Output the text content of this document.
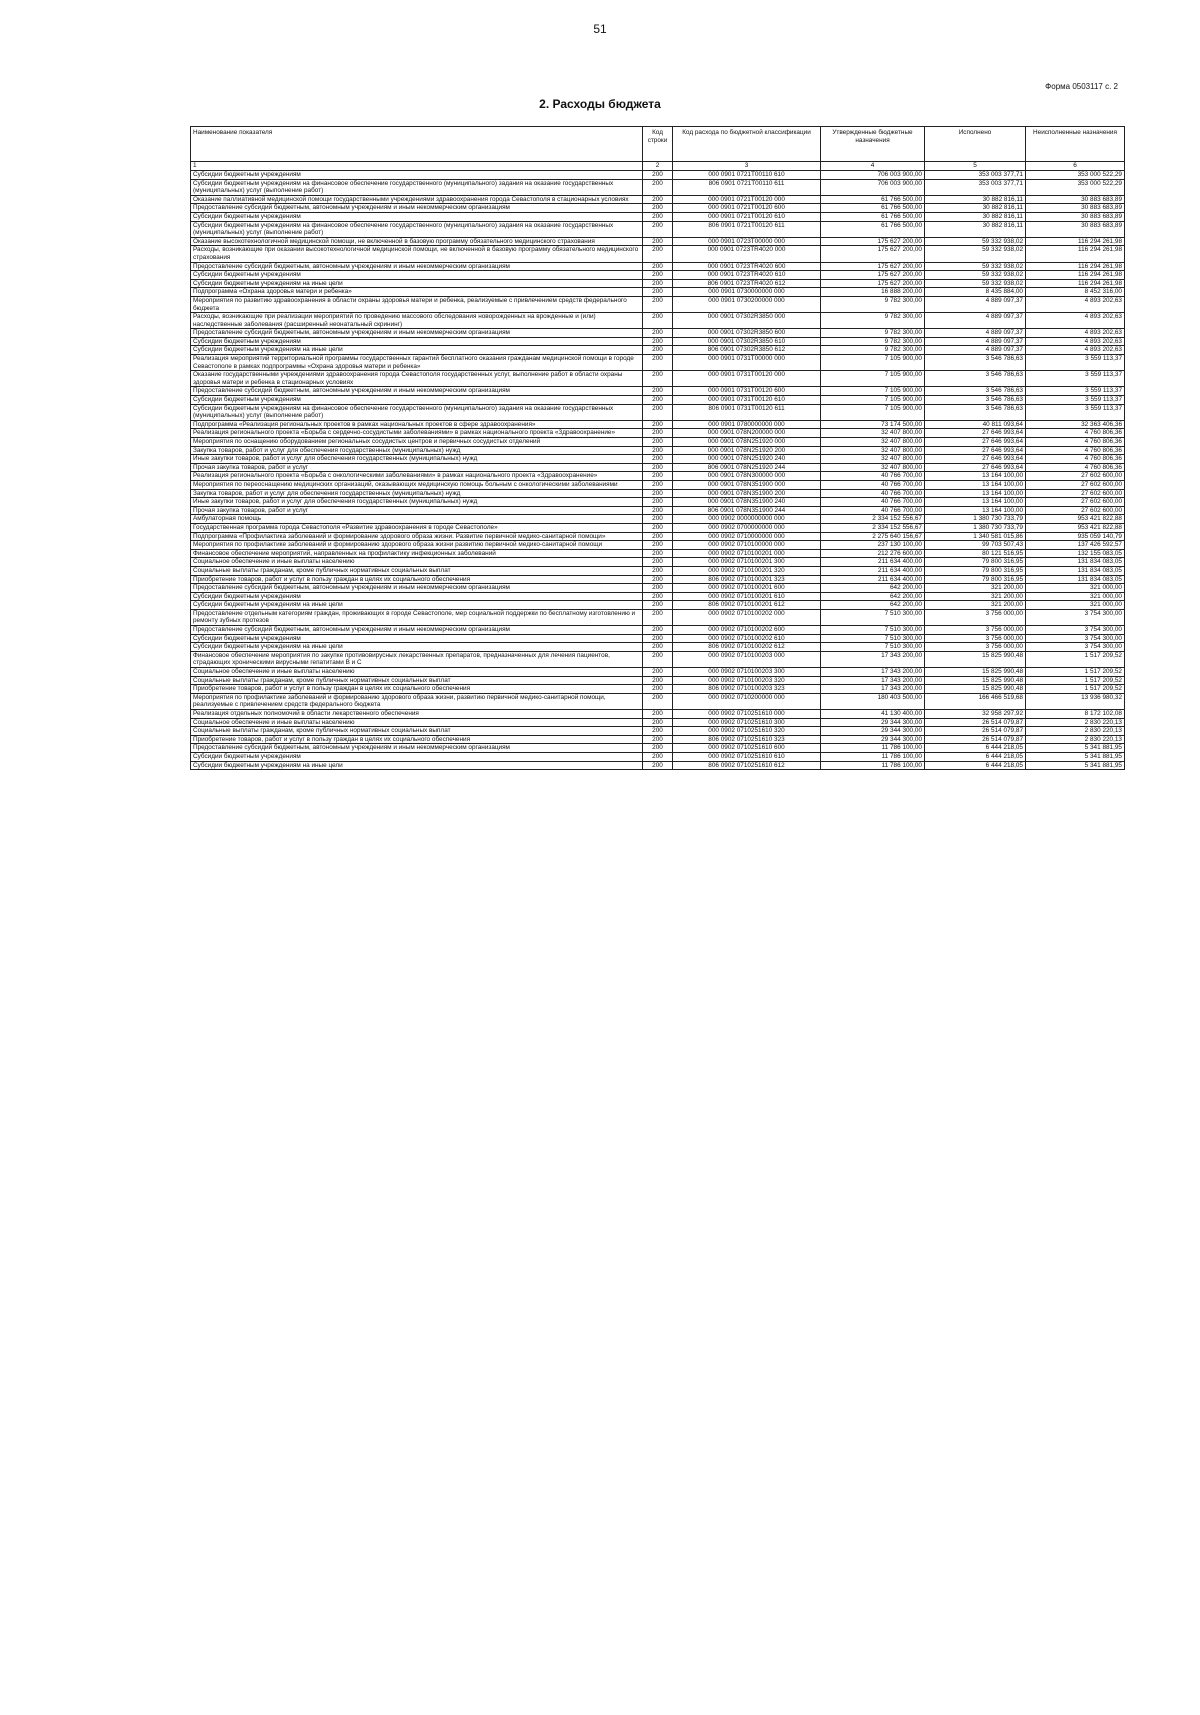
51
Форма 0503117 с. 2
2. Расходы бюджета
Наименование показателя	Код строки	Код расхода по бюджетной классификации	Утвержденные бюджетные назначения	Исполнено	Неисполненные назначения
1	2	3	4	5	6
Субсидии бюджетным учреждениям	200	000 0901 0721Т00110 610	706 003 900,00	353 003 377,71	353 000 522,29
Субсидии бюджетным учреждениям на финансовое обеспечение государственного (муниципального) задания на оказание государственных (муниципальных) услуг (выполнение работ)	200	806 0901 0721Т00110 611	706 003 900,00	353 003 377,71	353 000 522,29
Оказание паллиативной медицинской помощи государственными учреждениями здравоохранения города Севастополя в стационарных условиях	200	000 0901 0721Т00120 000	61 766 500,00	30 882 816,11	30 883 683,89
Предоставление субсидий бюджетным, автономным учреждениям и иным некоммерческим организациям	200	000 0901 0721Т00120 600	61 766 500,00	30 882 816,11	30 883 683,89
Субсидии бюджетным учреждениям	200	000 0901 0721Т00120 610	61 766 500,00	30 882 816,11	30 883 683,89
Субсидии бюджетным учреждениям на финансовое обеспечение государственного (муниципального) задания на оказание государственных (муниципальных) услуг (выполнение работ)	200	806 0901 0721Т00120 611	61 766 500,00	30 882 816,11	30 883 683,89
Оказание высокотехнологичной медицинской помощи, не включенной в базовую программу обязательного медицинского страхования	200	000 0901 0723Т00000 000	175 627 200,00	59 332 938,02	116 294 261,98
Расходы, возникающие при оказании высокотехнологичной медицинской помощи, не включенной в базовую программу обязательного медицинского страхования	200	000 0901 0723ТR4020 000	175 627 200,00	59 332 938,02	116 294 261,98
Предоставление субсидий бюджетным, автономным учреждениям и иным некоммерческим организациям	200	000 0901 0723ТR4020 600	175 627 200,00	59 332 938,02	116 294 261,98
Субсидии бюджетным учреждениям	200	000 0901 0723ТR4020 610	175 627 200,00	59 332 938,02	116 294 261,98
Субсидии бюджетным учреждениям на иные цели	200	806 0901 0723ТR4020 612	175 627 200,00	59 332 938,02	116 294 261,98
Подпрограмма «Охрана здоровья матери и ребенка»	200	000 0901 0730000000 000	16 888 200,00	8 435 884,00	8 452 316,00
Мероприятия по развитию здравоохранения в области охраны здоровья матери и ребенка, реализуемые с привлечением средств федерального бюджета	200	000 0901 0730200000 000	9 782 300,00	4 889 097,37	4 893 202,63
Расходы, возникающие при реализации мероприятий по проведению массового обследования новорожденных на врожденные и (или) наследственные заболевания (расширенный неонатальный скрининг)	200	000 0901 07302R3850 000	9 782 300,00	4 889 097,37	4 893 202,63
Предоставление субсидий бюджетным, автономным учреждениям и иным некоммерческим организациям	200	000 0901 07302R3850 600	9 782 300,00	4 889 097,37	4 893 202,63
Субсидии бюджетным учреждениям	200	000 0901 07302R3850 610	9 782 300,00	4 889 097,37	4 893 202,63
Субсидии бюджетным учреждениям на иные цели	200	806 0901 07302R3850 612	9 782 300,00	4 889 097,37	4 893 202,63
Реализация мероприятий территориальной программы государственных гарантий бесплатного оказания гражданам медицинской помощи в городе Севастополе в рамках подпрограммы «Охрана здоровья матери и ребенка»	200	000 0901 0731Т00000 000	7 105 900,00	3 546 786,63	3 559 113,37
Оказание государственными учреждениями здравоохранения города Севастополя государственных услуг, выполнение работ в области охраны здоровья матери и ребенка в стационарных условиях	200	000 0901 0731Т00120 000	7 105 900,00	3 546 786,63	3 559 113,37
Предоставление субсидий бюджетным, автономным учреждениям и иным некоммерческим организациям	200	000 0901 0731Т00120 600	7 105 900,00	3 546 786,63	3 559 113,37
Субсидии бюджетным учреждениям	200	000 0901 0731Т00120 610	7 105 900,00	3 546 786,63	3 559 113,37
Субсидии бюджетным учреждениям на финансовое обеспечение государственного (муниципального) задания на оказание государственных (муниципальных) услуг (выполнение работ)	200	806 0901 0731Т00120 611	7 105 900,00	3 546 786,63	3 559 113,37
Подпрограмма «Реализация региональных проектов в рамках национальных проектов в сфере здравоохранения»	200	000 0901 0780000000 000	73 174 500,00	40 811 093,64	32 363 406,36
Реализация регионального проекта «Борьба с сердечно-сосудистыми заболеваниями» в рамках национального проекта «Здравоохранение»	200	000 0901 078N200000 000	32 407 800,00	27 646 993,64	4 760 806,36
Мероприятия по оснащению оборудованием региональных сосудистых центров и первичных сосудистых отделений	200	000 0901 078N251920 000	32 407 800,00	27 646 993,64	4 760 806,36
Закупка товаров, работ и услуг для обеспечения государственных (муниципальных) нужд	200	000 0901 078N251920 200	32 407 800,00	27 646 993,64	4 760 806,36
Иные закупки товаров, работ и услуг для обеспечения государственных (муниципальных) нужд	200	000 0901 078N251920 240	32 407 800,00	27 646 993,64	4 760 806,36
Прочая закупка товаров, работ и услуг	200	806 0901 078N251920 244	32 407 800,00	27 646 993,64	4 760 806,36
Реализация регионального проекта «Борьба с онкологическими заболеваниями» в рамках национального проекта «Здравоохранение»	200	000 0901 078N300000 000	40 766 700,00	13 164 100,00	27 602 600,00
Мероприятия по переоснащению медицинских организаций, оказывающих медицинскую помощь больным с онкологическими заболеваниями	200	000 0901 078N351900 000	40 766 700,00	13 164 100,00	27 602 600,00
Закупка товаров, работ и услуг для обеспечения государственных (муниципальных) нужд	200	000 0901 078N351900 200	40 766 700,00	13 164 100,00	27 602 600,00
Иные закупки товаров, работ и услуг для обеспечения государственных (муниципальных) нужд	200	000 0901 078N351900 240	40 766 700,00	13 164 100,00	27 602 600,00
Прочая закупка товаров, работ и услуг	200	806 0901 078N351900 244	40 766 700,00	13 164 100,00	27 602 600,00
Амбулаторная помощь	200	000 0902 0000000000 000	2 334 152 556,67	1 380 730 733,79	953 421 822,88
Государственная программа города Севастополя «Развитие здравоохранения в городе Севастополе»	200	000 0902 0700000000 000	2 334 152 556,67	1 380 730 733,79	953 421 822,88
Подпрограмма «Профилактика заболеваний и формирование здорового образа жизни. Развитие первичной медико-санитарной помощи»	200	000 0902 0710000000 000	2 275 640 156,67	1 340 581 015,86	935 059 140,79
Мероприятия по профилактике заболеваний и формированию здорового образа жизни развитию первичной медико-санитарной помощи	200	000 0902 0710100000 000	237 130 100,00	99 703 507,43	137 426 592,57
Финансовое обеспечение мероприятий, направленных на профилактику инфекционных заболеваний	200	000 0902 0710100201 000	212 276 600,00	80 121 516,95	132 155 083,05
Социальное обеспечение и иные выплаты населению	200	000 0902 0710100201 300	211 634 400,00	79 800 316,95	131 834 083,05
Социальные выплаты гражданам, кроме публичных нормативных социальных выплат	200	000 0902 0710100201 320	211 634 400,00	79 800 316,95	131 834 083,05
Приобретение товаров, работ и услуг в пользу граждан в целях их социального обеспечения	200	806 0902 0710100201 323	211 634 400,00	79 800 316,95	131 834 083,05
Предоставление субсидий бюджетным, автономным учреждениям и иным некоммерческим организациям	200	000 0902 0710100201 600	642 200,00	321 200,00	321 000,00
Субсидии бюджетным учреждениям	200	000 0902 0710100201 610	642 200,00	321 200,00	321 000,00
Субсидии бюджетным учреждениям на иные цели	200	806 0902 0710100201 612	642 200,00	321 200,00	321 000,00
Предоставление отдельным категориям граждан, проживающих в городе Севастополе, мер социальной поддержки по бесплатному изготовлению и ремонту зубных протезов	200	000 0902 0710100202 000	7 510 300,00	3 756 000,00	3 754 300,00
Предоставление субсидий бюджетным, автономным учреждениям и иным некоммерческим организациям	200	000 0902 0710100202 600	7 510 300,00	3 756 000,00	3 754 300,00
Субсидии бюджетным учреждениям	200	000 0902 0710100202 610	7 510 300,00	3 756 000,00	3 754 300,00
Субсидии бюджетным учреждениям на иные цели	200	806 0902 0710100202 612	7 510 300,00	3 756 000,00	3 754 300,00
Финансовое обеспечение мероприятия по закупке противовирусных лекарственных препаратов, предназначенных для лечения пациентов, страдающих хроническими вирусными гепатитами В и С	200	000 0902 0710100203 000	17 343 200,00	15 825 990,48	1 517 209,52
Социальное обеспечение и иные выплаты населению	200	000 0902 0710100203 300	17 343 200,00	15 825 990,48	1 517 209,52
Социальные выплаты гражданам, кроме публичных нормативных социальных выплат	200	000 0902 0710100203 320	17 343 200,00	15 825 990,48	1 517 209,52
Приобретение товаров, работ и услуг в пользу граждан в целях их социального обеспечения	200	806 0902 0710100203 323	17 343 200,00	15 825 990,48	1 517 209,52
Мероприятия по профилактике заболеваний и формированию здорового образа жизни, развитию первичной медико-санитарной помощи, реализуемые с привлечением средств федерального бюджета	200	000 0902 0710200000 000	180 403 500,00	166 466 519,68	13 936 980,32
Реализация отдельных полномочий в области лекарственного обеспечения	200	000 0902 0710251610 000	41 130 400,00	32 958 297,92	8 172 102,08
Социальное обеспечение и иные выплаты населению	200	000 0902 0710251610 300	29 344 300,00	26 514 079,87	2 830 220,13
Социальные выплаты гражданам, кроме публичных нормативных социальных выплат	200	000 0902 0710251610 320	29 344 300,00	26 514 079,87	2 830 220,13
Приобретение товаров, работ и услуг в пользу граждан в целях их социального обеспечения	200	806 0902 0710251610 323	29 344 300,00	26 514 079,87	2 830 220,13
Предоставление субсидий бюджетным, автономным учреждениям и иным некоммерческим организациям	200	000 0902 0710251610 600	11 786 100,00	6 444 218,05	5 341 881,95
Субсидии бюджетным учреждениям	200	000 0902 0710251610 610	11 786 100,00	6 444 218,05	5 341 881,95
Субсидии бюджетным учреждениям на иные цели	200	806 0902 0710251610 612	11 786 100,00	6 444 218,05	5 341 881,95
